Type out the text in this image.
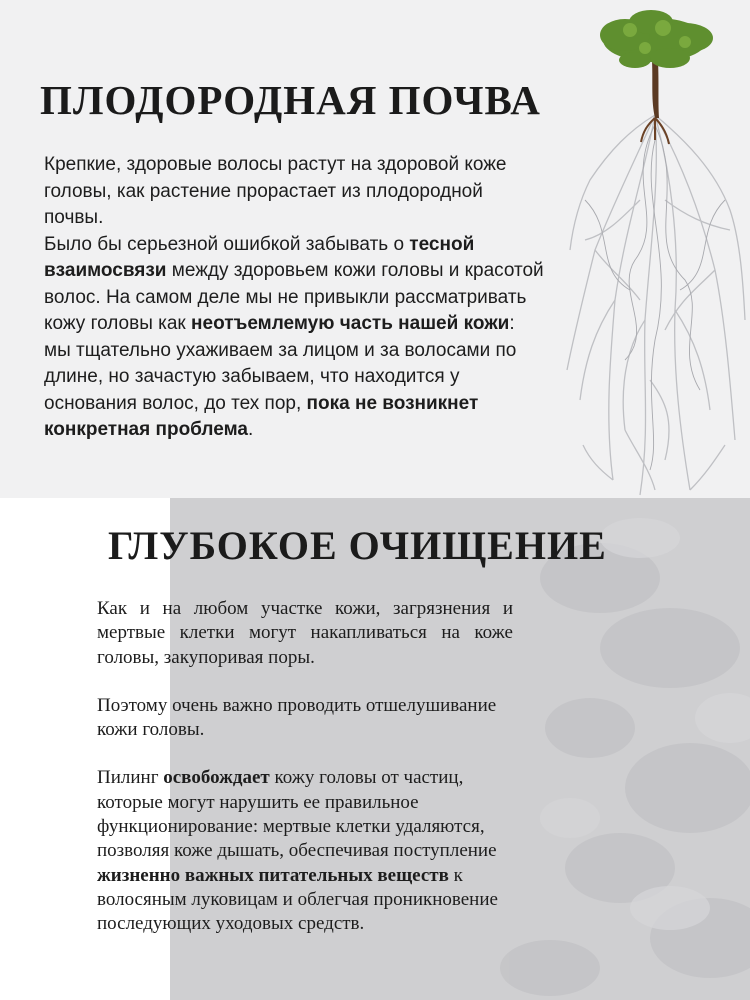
ПЛОДОРОДНАЯ ПОЧВА

Крепкие, здоровые волосы растут на здоровой коже головы, как растение прорастает из плодородной почвы.

Было бы серьезной ошибкой забывать о тесной взаимосвязи между здоровьем кожи головы и красотой волос. На самом деле мы не привыкли рассматривать кожу головы как неотъемлемую часть нашей кожи: мы тщательно ухаживаем за лицом и за волосами по длине, но зачастую забываем, что находится у основания волос, до тех пор, пока не возникнет конкретная проблема.

ГЛУБОКОЕ ОЧИЩЕНИЕ

Как и на любом участке кожи, загрязнения и мертвые клетки могут накапливаться на коже головы, закупоривая поры.

Поэтому очень важно проводить отшелушивание кожи головы.

Пилинг освобождает кожу головы от частиц, которые могут нарушить ее правильное функционирование: мертвые клетки удаляются, позволяя коже дышать, обеспечивая поступление жизненно важных питательных веществ к волосяным луковицам и облегчая проникновение последующих уходовых средств.
